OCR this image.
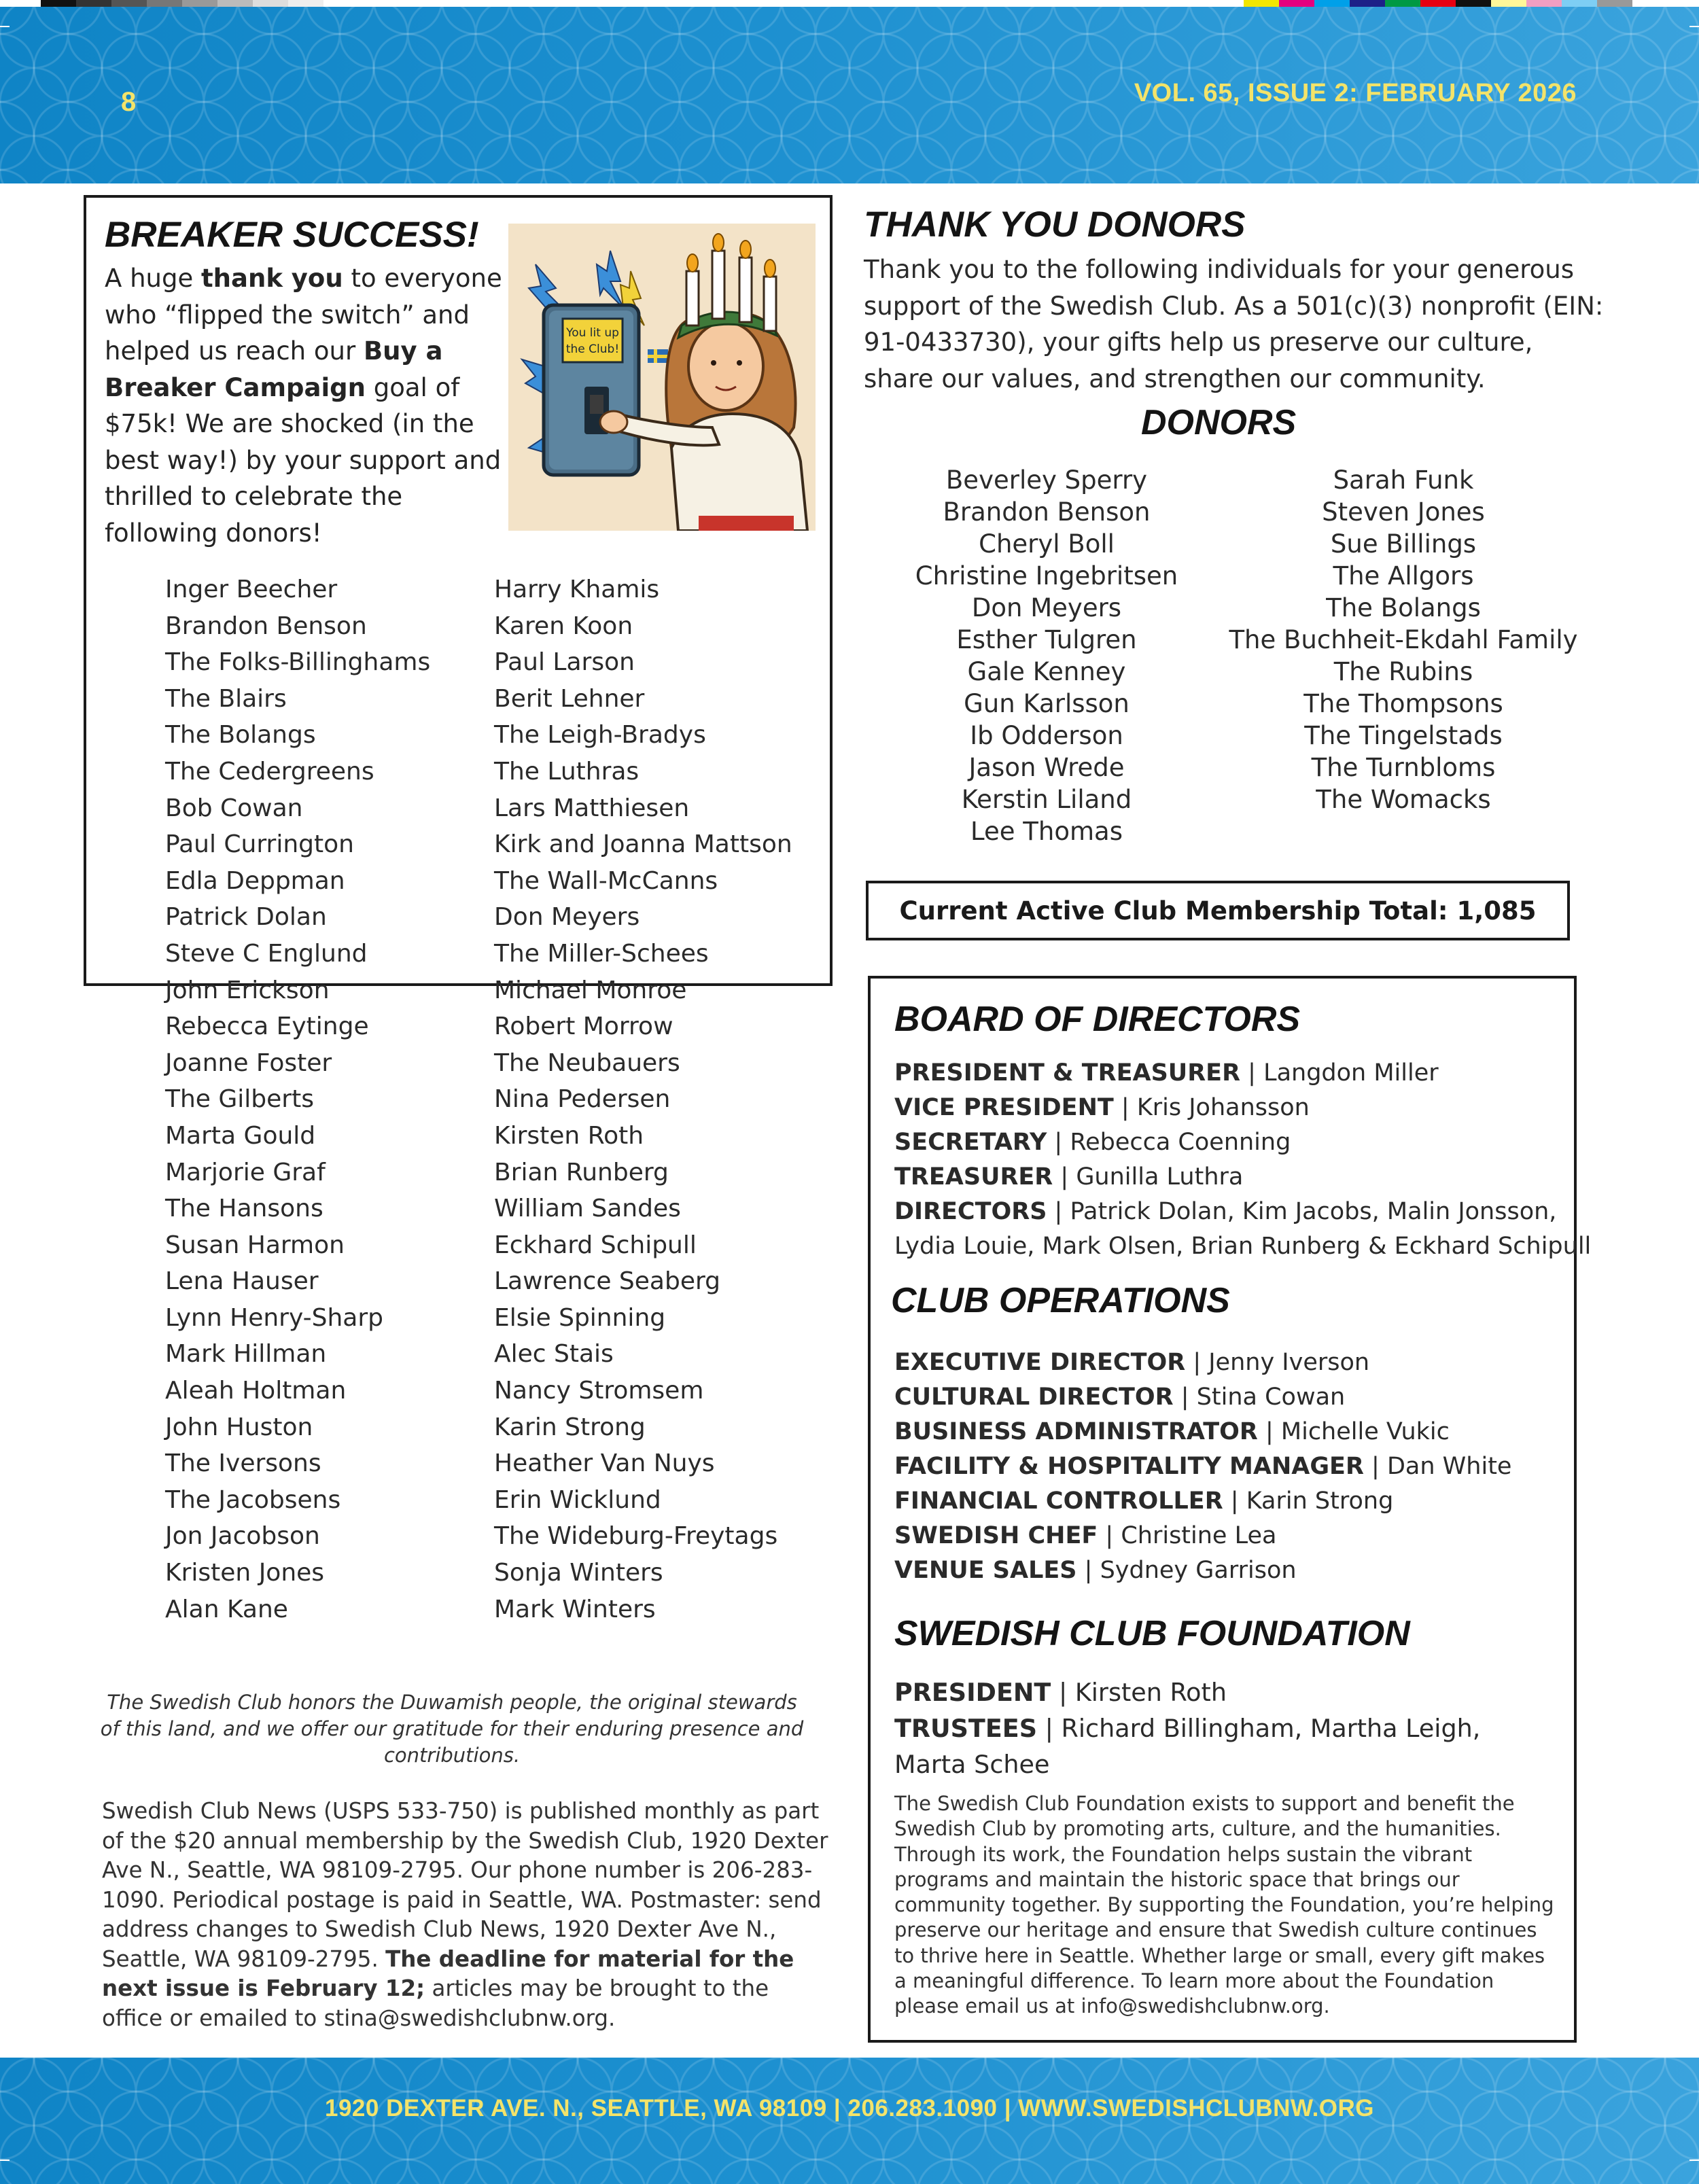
8	VOL. 65, ISSUE 2: FEBRUARY 2026
BREAKER SUCCESS!
A huge thank you to everyone who “flipped the switch” and helped us reach our Buy a Breaker Campaign goal of $75k! We are shocked (in the best way!) by your support and thrilled to celebrate the following donors!
You lit up
the Club!
Inger Beecher
Brandon Benson
The Folks-Billinghams
The Blairs
The Bolangs
The Cedergreens
Bob Cowan
Paul Currington
Edla Deppman
Patrick Dolan
Steve C Englund
John Erickson
Rebecca Eytinge
Joanne Foster
The Gilberts
Marta Gould
Marjorie Graf
The Hansons
Susan Harmon
Lena Hauser
Lynn Henry-Sharp
Mark Hillman
Aleah Holtman
John Huston
The Iversons
The Jacobsens
Jon Jacobson
Kristen Jones
Alan Kane
Harry Khamis
Karen Koon
Paul Larson
Berit Lehner
The Leigh-Bradys
The Luthras
Lars Matthiesen
Kirk and Joanna Mattson
The Wall-McCanns
Don Meyers
The Miller-Schees
Michael Monroe
Robert Morrow
The Neubauers
Nina Pedersen
Kirsten Roth
Brian Runberg
William Sandes
Eckhard Schipull
Lawrence Seaberg
Elsie Spinning
Alec Stais
Nancy Stromsem
Karin Strong
Heather Van Nuys
Erin Wicklund
The Wideburg-Freytags
Sonja Winters
Mark Winters
The Swedish Club honors the Duwamish people, the original stewards of this land, and we offer our gratitude for their enduring presence and contributions.
Swedish Club News (USPS 533-750) is published monthly as part of the $20 annual membership by the Swedish Club, 1920 Dexter Ave N., Seattle, WA 98109-2795. Our phone number is 206-283-1090. Periodical postage is paid in Seattle, WA. Postmaster: send address changes to Swedish Club News, 1920 Dexter Ave N., Seattle, WA 98109-2795. The deadline for material for the next issue is February 12; articles may be brought to the office or emailed to stina@swedishclubnw.org.
THANK YOU DONORS
Thank you to the following individuals for your generous support of the Swedish Club. As a 501(c)(3) nonprofit (EIN: 91-0433730), your gifts help us preserve our culture, share our values, and strengthen our community.
DONORS
Beverley Sperry
Brandon Benson
Cheryl Boll
Christine Ingebritsen
Don Meyers
Esther Tulgren
Gale Kenney
Gun Karlsson
Ib Odderson
Jason Wrede
Kerstin Liland
Lee Thomas
Sarah Funk
Steven Jones
Sue Billings
The Allgors
The Bolangs
The Buchheit-Ekdahl Family
The Rubins
The Thompsons
The Tingelstads
The Turnbloms
The Womacks
Current Active Club Membership Total: 1,085
BOARD OF DIRECTORS
PRESIDENT & TREASURER | Langdon Miller
VICE PRESIDENT | Kris Johansson
SECRETARY | Rebecca Coenning
TREASURER | Gunilla Luthra
DIRECTORS | Patrick Dolan, Kim Jacobs, Malin Jonsson,
Lydia Louie, Mark Olsen, Brian Runberg & Eckhard Schipull
CLUB OPERATIONS
EXECUTIVE DIRECTOR | Jenny Iverson
CULTURAL DIRECTOR | Stina Cowan
BUSINESS ADMINISTRATOR | Michelle Vukic
FACILITY & HOSPITALITY MANAGER | Dan White
FINANCIAL CONTROLLER | Karin Strong
SWEDISH CHEF | Christine Lea
VENUE SALES | Sydney Garrison
SWEDISH CLUB FOUNDATION
PRESIDENT | Kirsten Roth
TRUSTEES | Richard Billingham, Martha Leigh,
Marta Schee
The Swedish Club Foundation exists to support and benefit the Swedish Club by promoting arts, culture, and the humanities. Through its work, the Foundation helps sustain the vibrant programs and maintain the historic space that brings our community together. By supporting the Foundation, you’re helping preserve our heritage and ensure that Swedish culture continues to thrive here in Seattle. Whether large or small, every gift makes a meaningful difference. To learn more about the Foundation please email us at info@swedishclubnw.org.
1920 DEXTER AVE. N., SEATTLE, WA 98109 | 206.283.1090 | WWW.SWEDISHCLUBNW.ORG
